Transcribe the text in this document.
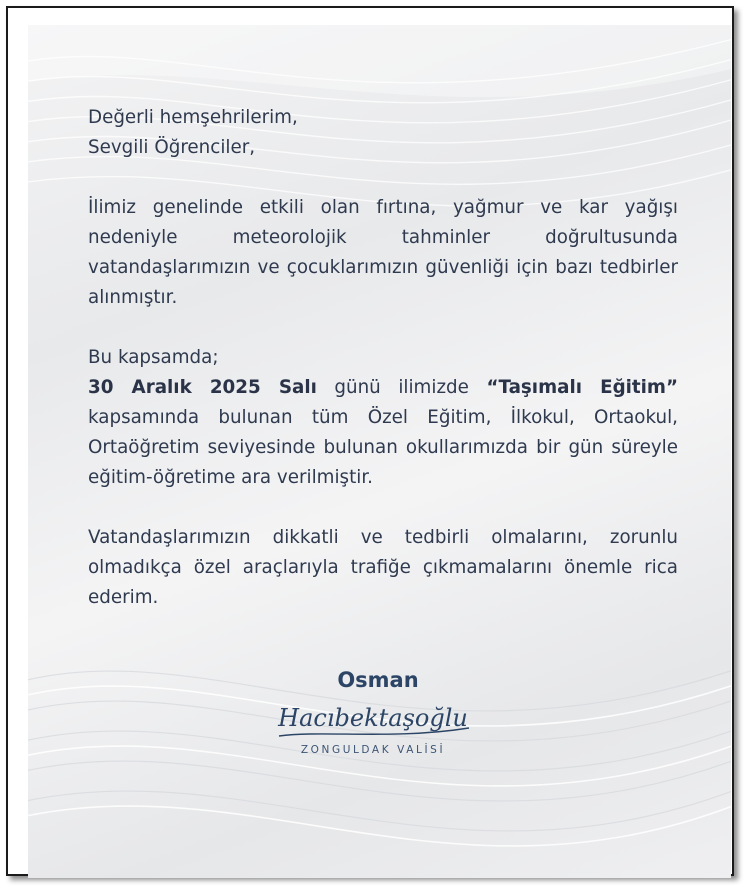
Değerli hemşehrilerim,

Sevgili Öğrenciler,

İlimiz genelinde etkili olan fırtına, yağmur ve kar yağışı nedeniyle meteorolojik tahminler doğrultusunda vatandaşlarımızın ve çocuklarımızın güvenliği için bazı tedbirler alınmıştır.

Bu kapsamda;

30 Aralık 2025 Salı günü ilimizde “Taşımalı Eğitim” kapsamında bulunan tüm Özel Eğitim, İlkokul, Ortaokul, Ortaöğretim seviyesinde bulunan okullarımızda bir gün süreyle eğitim-öğretime ara verilmiştir.

Vatandaşlarımızın dikkatli ve tedbirli olmalarını, zorunlu olmadıkça özel araçlarıyla trafiğe çıkmamalarını önemle rica ederim.

Osman
Hacıbektaşoğlu
ZONGULDAK VALİSİ
